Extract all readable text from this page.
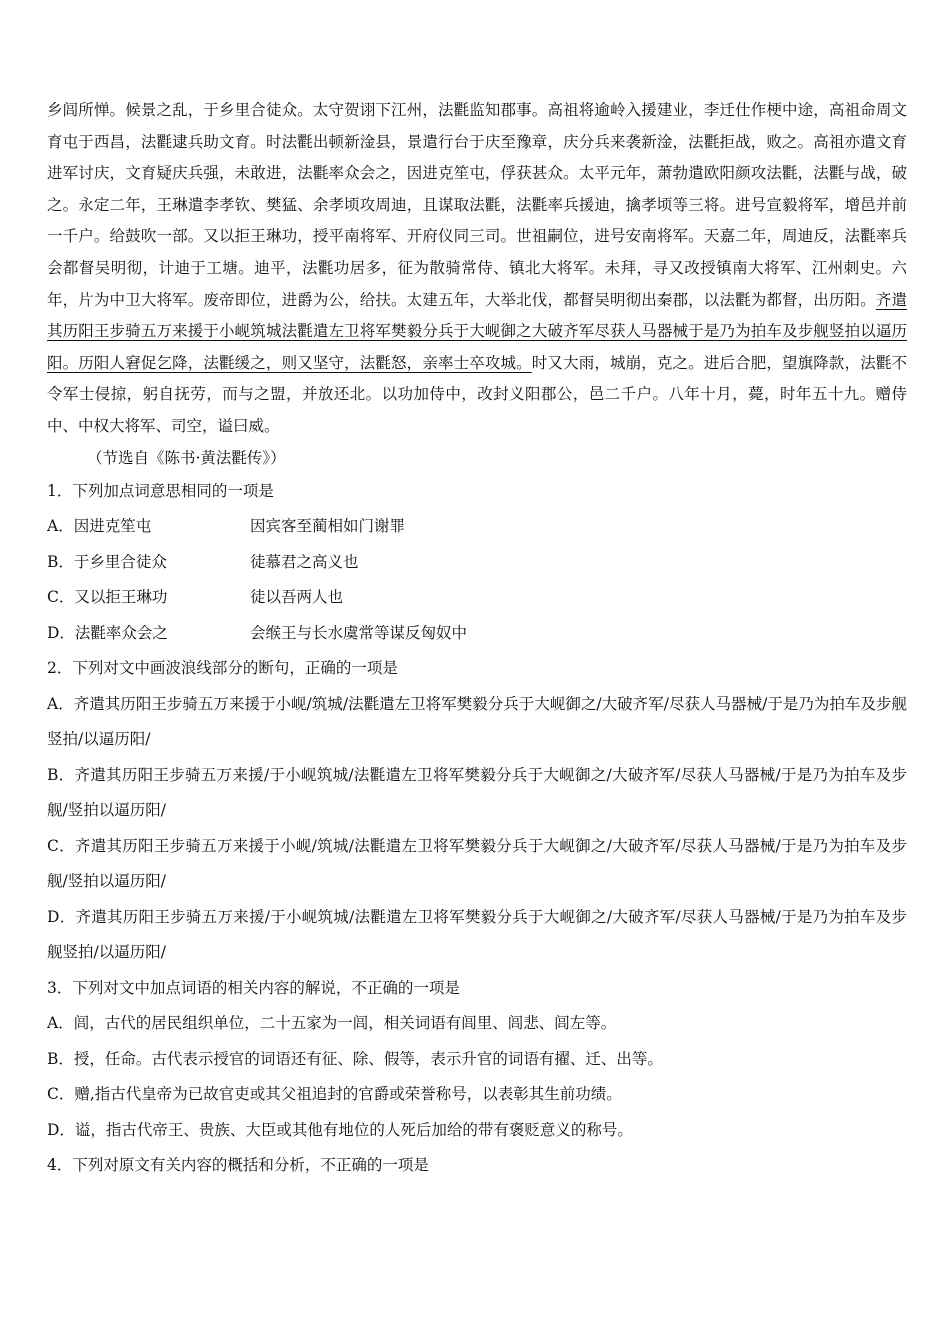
乡闾所惮。候景之乱，于乡里合徒众。太守贺诩下江州，法氍监知郡事。高祖将逾岭入援建业，李迁仕作梗中途，高祖命周文育屯于西昌，法氍逮兵助文育。时法氍出顿新淦县，景遣行台于庆至豫章，庆分兵来袭新淦，法氍拒战，败之。高祖亦遣文育进军讨庆，文育疑庆兵强，未敢进，法氍率众会之，因进克笙屯，俘获甚众。太平元年，萧勃遣欧阳颜攻法氍，法氍与战，破之。永定二年，王琳遣李孝钦、樊猛、余孝顷攻周迪，且谋取法氍，法氍率兵援迪，擒孝顷等三将。进号宣毅将军，增邑并前一千户。给鼓吹一部。又以拒王琳功，授平南将军、开府仪同三司。世祖嗣位，进号安南将军。天嘉二年，周迪反，法氍率兵会都督吴明彻，计迪于工塘。迪平，法氍功居多，征为散骑常侍、镇北大将军。未拜，寻又改授镇南大将军、江州刺史。六年，片为中卫大将军。废帝即位，进爵为公，给扶。太建五年，大举北伐，都督吴明彻出秦郡，以法氍为都督，出历阳。齐遣其历阳王步骑五万来援于小岘筑城法氍遣左卫将军樊毅分兵于大岘御之大破齐军尽获人马器械于是乃为拍车及步舰竖拍以逼历阳。历阳人窘促乞降，法氍缓之，则又坚守，法氍怒，亲率士卒攻城。时又大雨，城崩，克之。进后合肥，望旗降款，法氍不令军士侵掠，躬自抚劳，而与之盟，并放还北。以功加侍中，改封义阳郡公，邑二千户。八年十月，薨，时年五十九。赠侍中、中权大将军、司空，谥曰威。

（节选自《陈书·黄法氍传》）

1．下列加点词意思相同的一项是

A．因进克笙屯	因宾客至蔺相如门谢罪
B．于乡里合徒众	徒慕君之高义也
C．又以拒王琳功	徒以吾两人也
D．法氍率众会之	会缑王与长水虞常等谋反匈奴中

2．下列对文中画波浪线部分的断句，正确的一项是

A．齐遣其历阳王步骑五万来援于小岘/筑城/法氍遣左卫将军樊毅分兵于大岘御之/大破齐军/尽获人马器械/于是乃为拍车及步舰竖拍/以逼历阳/

B．齐遣其历阳王步骑五万来援/于小岘筑城/法氍遣左卫将军樊毅分兵于大岘御之/大破齐军/尽获人马器械/于是乃为拍车及步舰/竖拍以逼历阳/

C．齐遣其历阳王步骑五万来援于小岘/筑城/法氍遣左卫将军樊毅分兵于大岘御之/大破齐军/尽获人马器械/于是乃为拍车及步舰/竖拍以逼历阳/

D．齐遣其历阳王步骑五万来援/于小岘筑城/法氍遣左卫将军樊毅分兵于大岘御之/大破齐军/尽获人马器械/于是乃为拍车及步舰竖拍/以逼历阳/

3．下列对文中加点词语的相关内容的解说，不正确的一项是

A．闾，古代的居民组织单位，二十五家为一闾，相关词语有闾里、闾悲、闾左等。

B．授，任命。古代表示授官的词语还有征、除、假等，表示升官的词语有擢、迁、出等。

C．赠,指古代皇帝为已故官吏或其父祖追封的官爵或荣誉称号，以表彰其生前功绩。

D．谥，指古代帝王、贵族、大臣或其他有地位的人死后加给的带有褒贬意义的称号。

4．下列对原文有关内容的概括和分析，不正确的一项是
